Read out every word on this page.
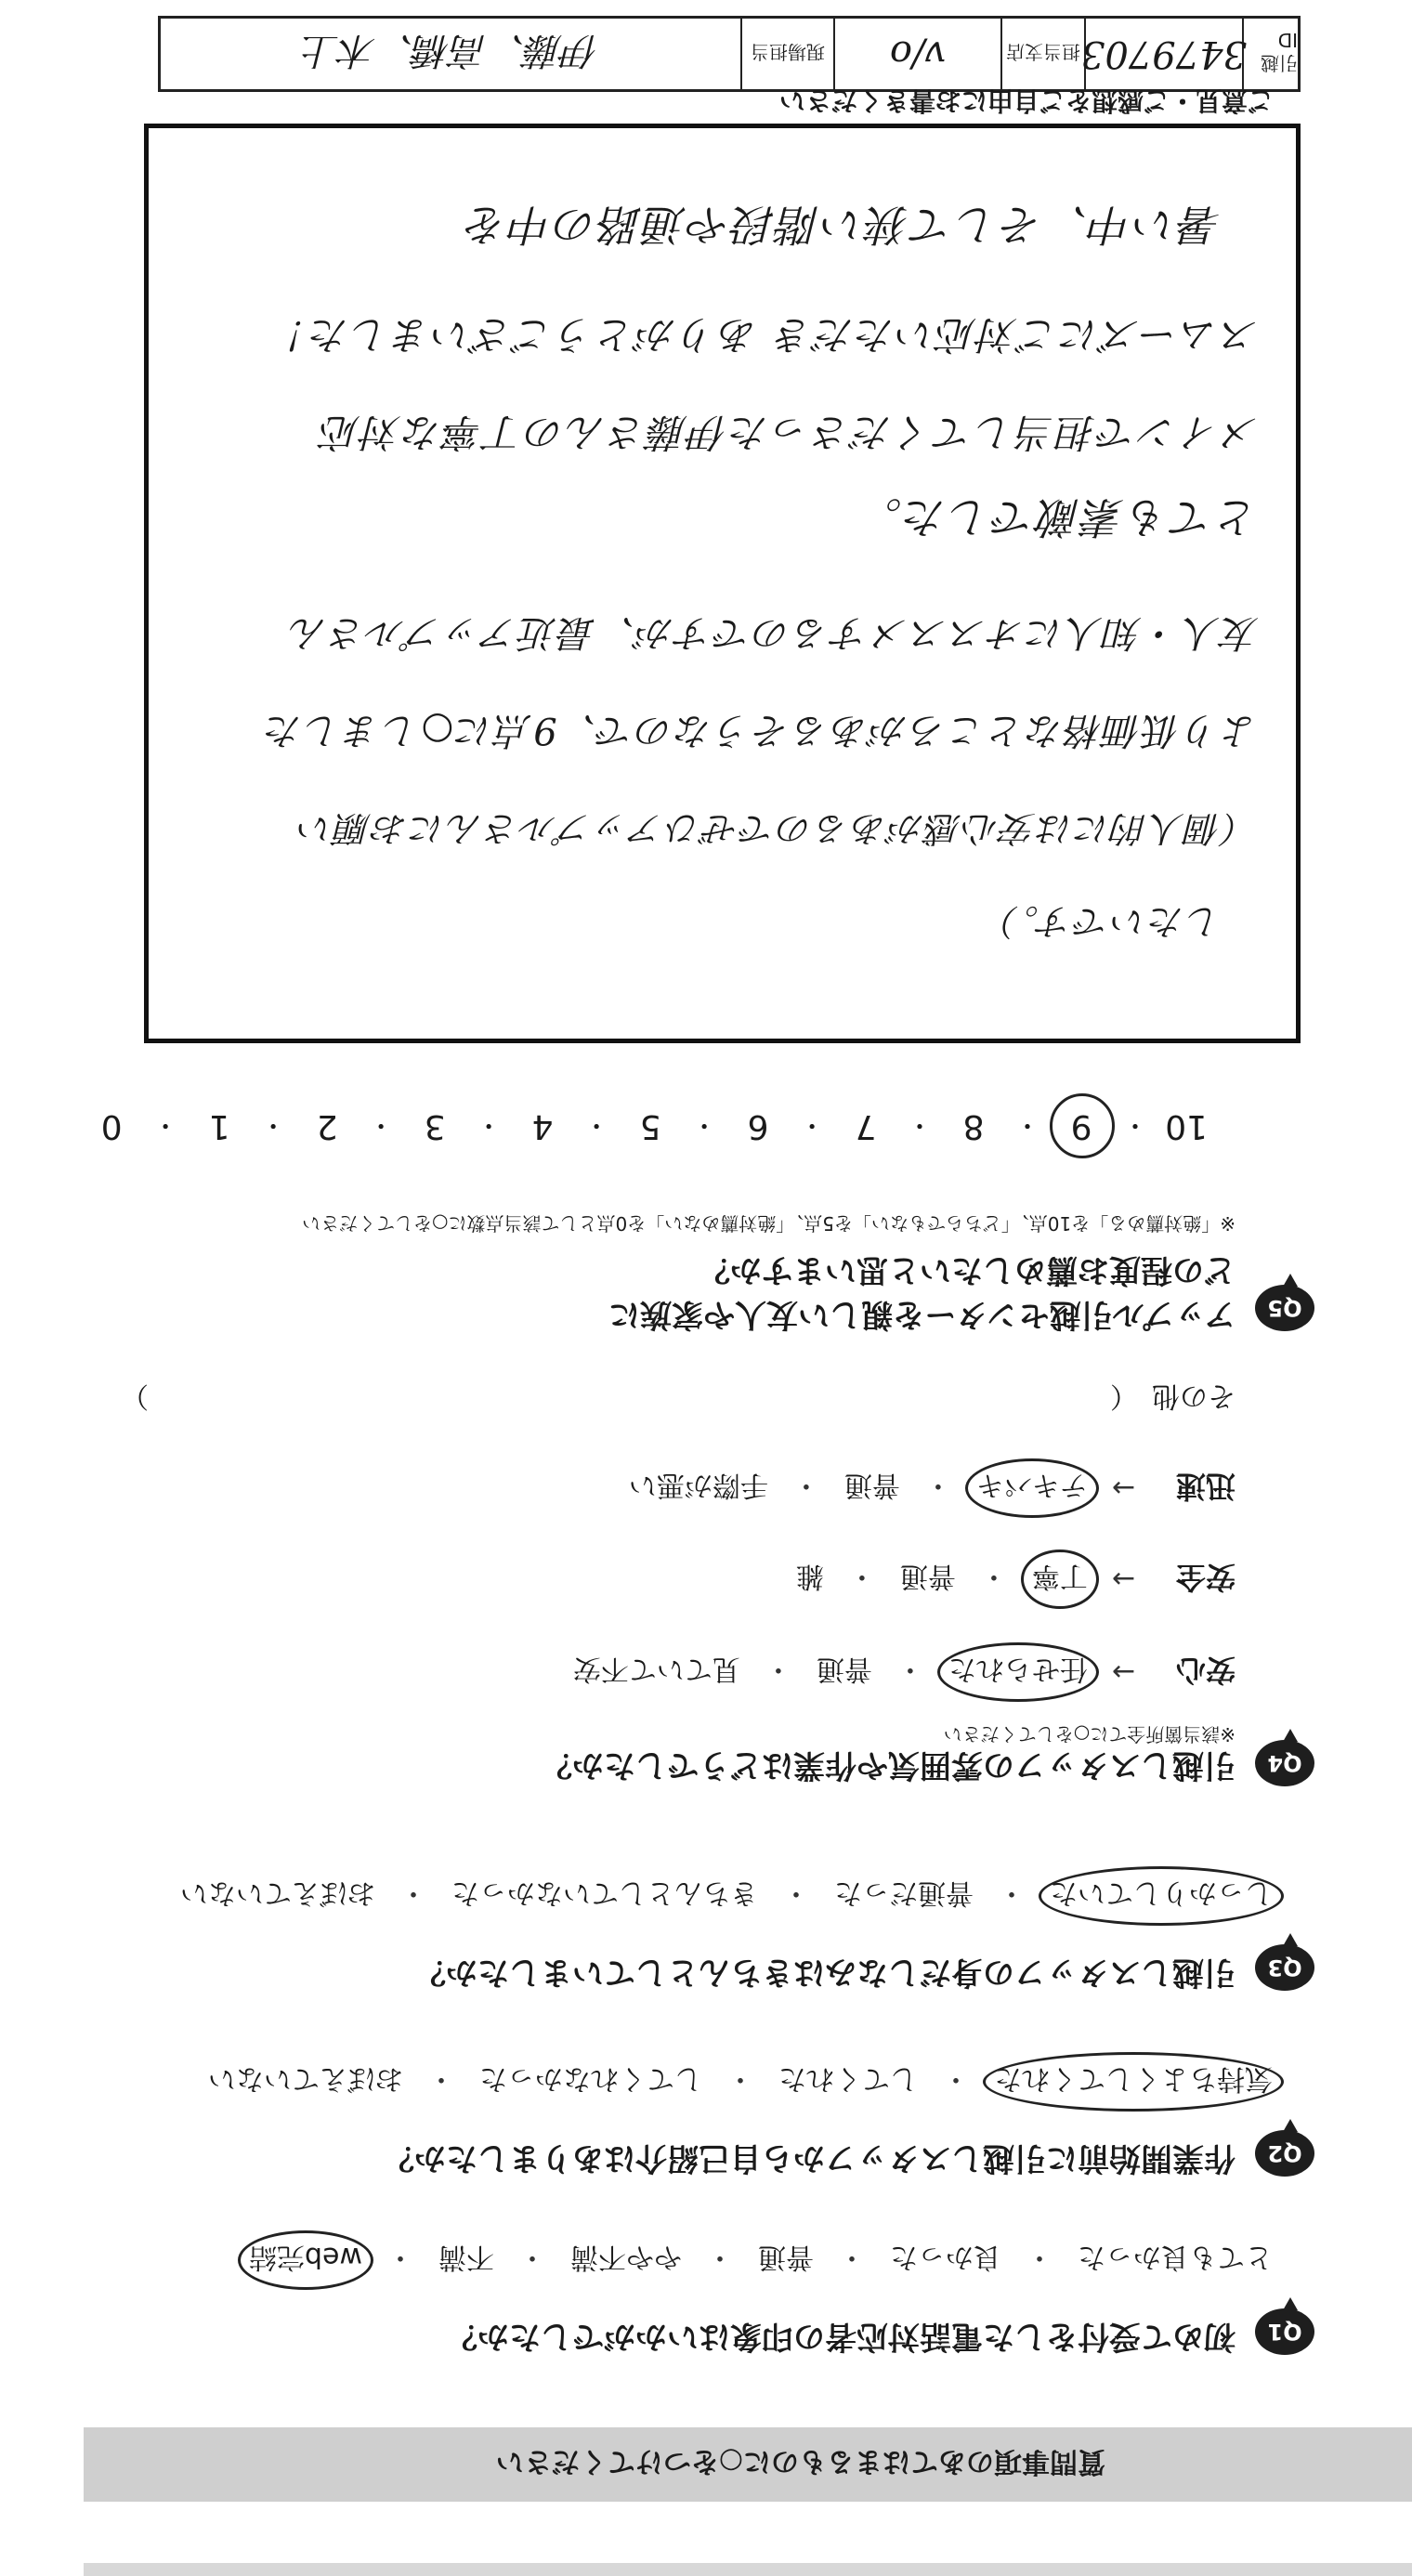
引越ID
3479703
担当支店
v/o
現場担当
伊藤、高橋、木上
ご意見・ご感想をご自由にお書きください
暑い中、そして狭い階段や通路の中を
スムーズにご対応いただき ありがとうございました！
メインで担当してくださった伊藤さんの丁寧な対応
とても素敵でした。
友人・知人にオススメするのですが、最近アップルさん
より低価格なところがあるそうなので、9点に○しました
（個人的には安心感があるのでぜひアップルさんにお願い
したいです。）
Q5
アップル引越センターを親しい友人や家族に
どの程度お薦めしたいと思いますか？
※「絶対薦める」を10点、「どちらでもない」を5点、「絶対薦めない」を0点として該当点数に○をしてください
10
・
9
・
8
・
7
・
6
・
5
・
4
・
3
・
2
・
1
・
0
Q4
引越しスタッフの雰囲気や作業はどうでしたか？
※該当箇所全てに○をしてください
安心
→
任せられた
・
普通
・
見ていて不安
安全
→
丁寧
・
普通
・
雑
迅速
→
テキパキ
・
普通
・
手際が悪い
その他　（
）
Q3
引越しスタッフの身だしなみはきちんとしていましたか？
しっかりしていた
・
普通だった
・
きちんとしていなかった
・
おぼえていない
Q2
作業開始前に引越しスタッフから自己紹介はありましたか？
気持ちよくしてくれた
・
してくれた
・
してくれなかった
・
おぼえていない
Q1
初めて受付をした電話対応者の印象はいかがでしたか？
とても良かった
・
良かった
・
普通
・
やや不満
・
不満
・
web完結
質問事項のあてはまるものに○をつけてください
